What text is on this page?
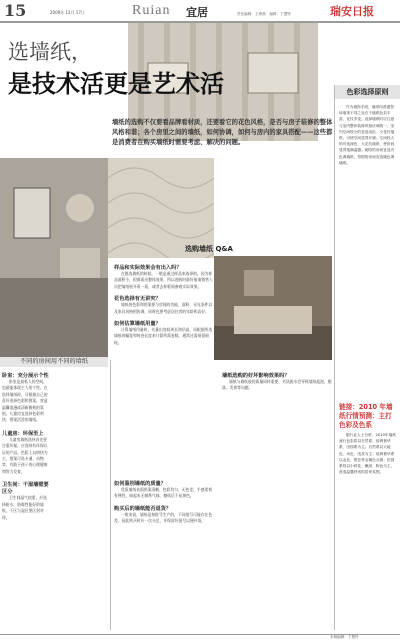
15	2009年 12月 17日	Ruian 宜居	责任编辑：王海燕　编辑：卞慧铃	瑞安日报
选墙纸，
是技术活更是艺术活
墙纸的选购不仅要看品牌看材质，还要看它的花色风格，是否与房子装修的整体风格和谐；各个房里之间的墙纸，如何协调，如何与房内的家具搭配——这些都是消费者在购买墙纸时需要考虑、解决的问题。
选购墙纸 Q&A
不同的房间用不同的墙纸
卧室：充分展示个性
卧室是最私人的空间，也最能体现主人的个性。在选择墙纸时，可根据自己的喜好选择色彩和图案，营造温馨浪漫或清新雅致的氛围。儿童房宜选择色彩明快、图案活泼的墙纸。
儿童房：环保至上
儿童房墙纸选择首先要注重环保，应选择有环保认证的产品。色彩上以明快为主，图案可选卡通、动物等，有助于孩子的心理健康和智力发育。
卫生间：干湿墙壁要区分
卫生间湿气较重，应选择防水、防霉性能好的墙纸，干区与湿区要区别对待。
样品和实际效果会有出入吗？
在挑选墙纸的时候，一般是通过样品来选择的。因为样品面积小，很难看出整体效果，所以选购时最好能请销售人员把墙纸展开看一看，或者去样板间参观实际效果。
花色选择有无讲究？
墙纸的色彩和图案要与房间的功能、面积、采光条件以及家具风格相协调，同时也要考虑居住者的年龄和喜好。
如何估算墙纸用量？
计算墙纸用量时，先量出房间周长和层高，再根据所选墙纸的幅宽和每卷长度来计算所需卷数，通常还需预留损耗。
如何鉴别墙纸的质量？
优质墙纸表面图案清晰、色彩均匀、无色差，手感柔韧有弹性，闻起来无刺鼻气味，擦拭后不易掉色。
购买后的墙纸能否退货？
一般来说，墙纸是按批号生产的，不同批号可能存在色差，因此购买时应一次买足，并保留好批号以便补货。
墙纸选购的好坏影响效果吗？
墙纸与墙纸胶的质量同样重要，劣质胶水会导致墙纸起泡、脱落、发黄等问题。
色彩选择原则
作为墙饰手段，墙纸同普通瓷砖墙饰不同之处在于墙纸色彩丰富，花纹多变。选择墙纸时应注意与室内整体装修风格协调统一，室内空间较小的宜选浅色、小花纹墙纸，可使空间显得开阔；空间较大的可选深色、大花纹墙纸，使房间显得饱满温馨。朝阳的房间宜选冷色调墙纸，背阴的房间宜选暖色调墙纸。
链接：2010 年墙纸行情预测：主打色彩及色系
据行业人士分析，2010年墙纸流行色彩将以自然系、低调奢华系、田园系为主。自然系以大地色、米色、浅灰为主；低调奢华系以金色、银色等金属色点缀；田园系则以小碎花、嫩绿、粉色为主，营造温馨舒适的居家氛围。
本版编辑：卞慧铃
